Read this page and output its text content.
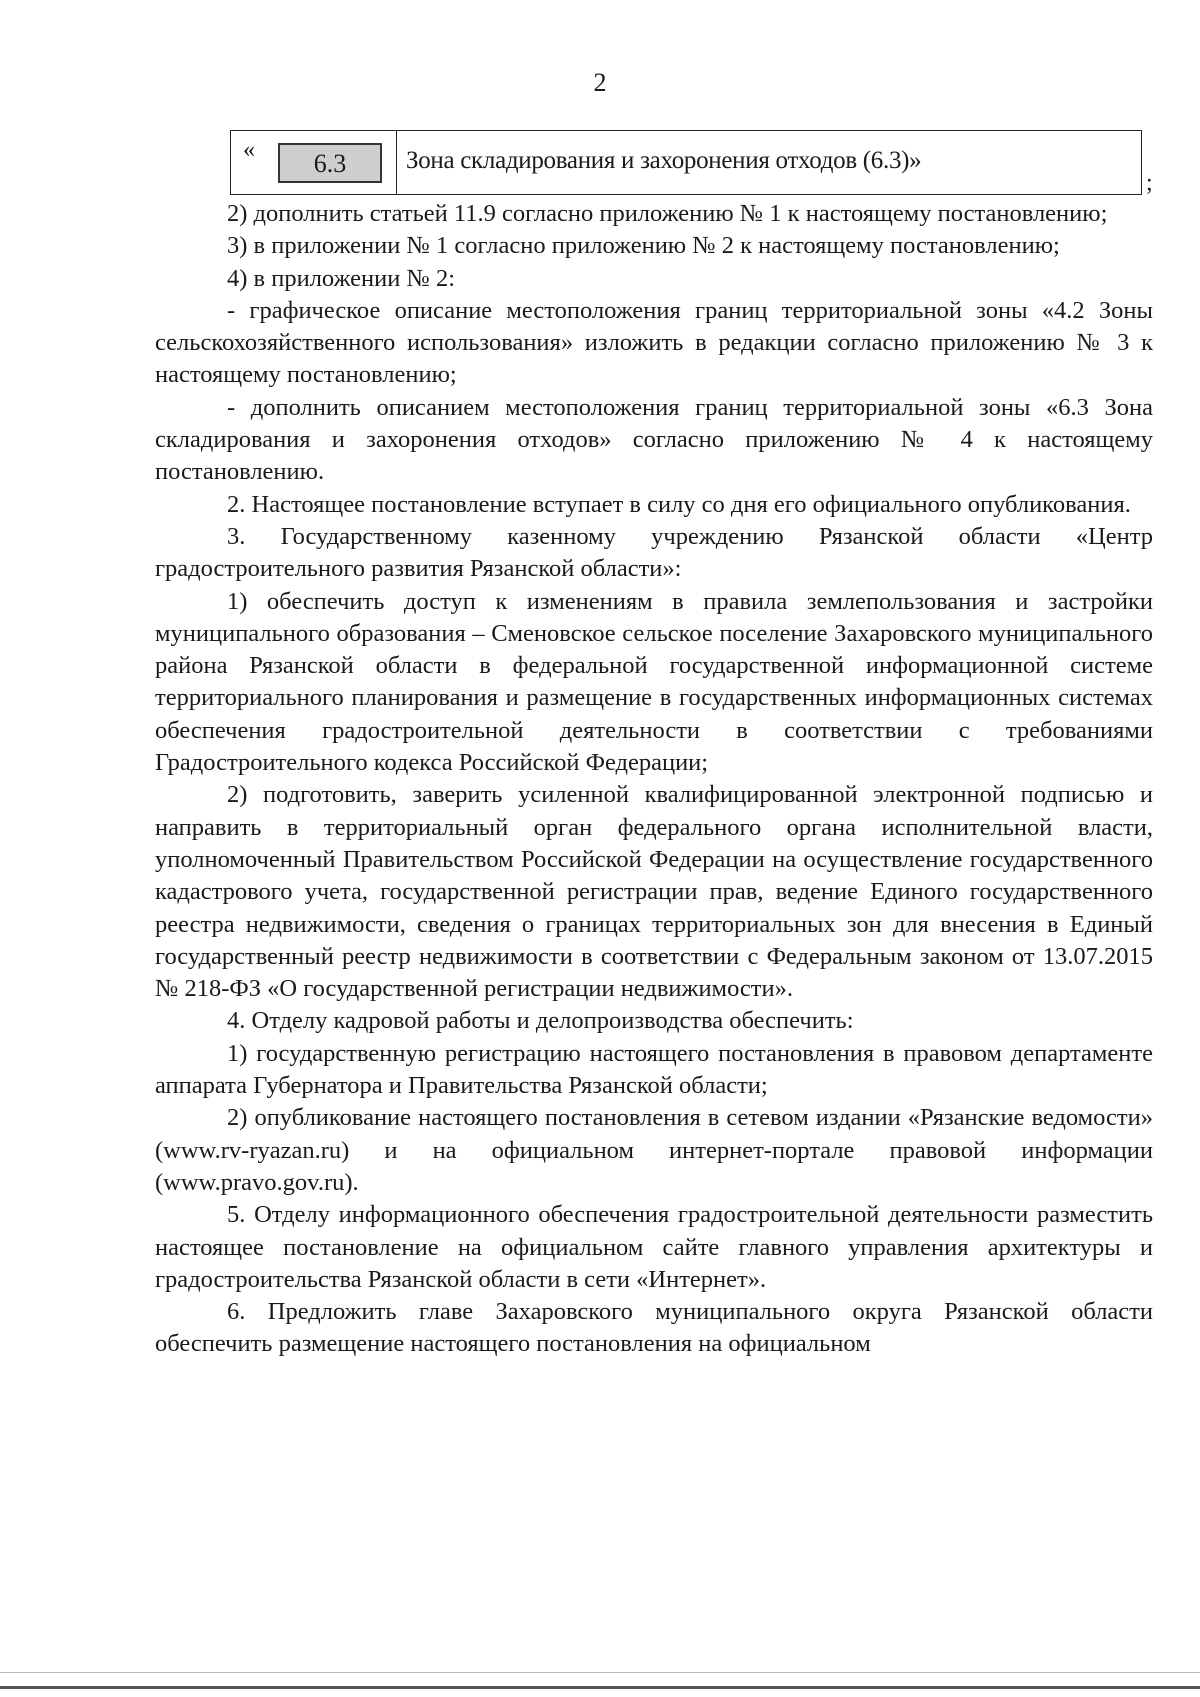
2
«	6.3	Зона складирования и захоронения отходов (6.3)»
;

2) дополнить статьей 11.9 согласно приложению № 1 к настоящему постановлению;

3) в приложении № 1 согласно приложению № 2 к настоящему постановлению;

4) в приложении № 2:

- графическое описание местоположения границ территориальной зоны «4.2 Зоны сельскохозяйственного использования» изложить в редакции согласно приложению № 3 к настоящему постановлению;

- дополнить описанием местоположения границ территориальной зоны «6.3 Зона складирования и захоронения отходов» согласно приложению № 4 к настоящему постановлению.

2. Настоящее постановление вступает в силу со дня его официального опубликования.

3. Государственному казенному учреждению Рязанской области «Центр градостроительного развития Рязанской области»:

1) обеспечить доступ к изменениям в правила землепользования и застройки муниципального образования – Сменовское сельское поселение Захаровского муниципального района Рязанской области в федеральной государственной информационной системе территориального планирования и размещение в государственных информационных системах обеспечения градостроительной деятельности в соответствии с требованиями Градостроительного кодекса Российской Федерации;

2) подготовить, заверить усиленной квалифицированной электронной подписью и направить в территориальный орган федерального органа исполнительной власти, уполномоченный Правительством Российской Федерации на осуществление государственного кадастрового учета, государственной регистрации прав, ведение Единого государственного реестра недвижимости, сведения о границах территориальных зон для внесения в Единый государственный реестр недвижимости в соответствии с Федеральным законом от 13.07.2015 № 218-ФЗ «О государственной регистрации недвижимости».

4. Отделу кадровой работы и делопроизводства обеспечить:

1) государственную регистрацию настоящего постановления в правовом департаменте аппарата Губернатора и Правительства Рязанской области;

2) опубликование настоящего постановления в сетевом издании «Рязанские ведомости» (www.rv-ryazan.ru) и на официальном интернет-портале правовой информации (www.pravo.gov.ru).

5. Отделу информационного обеспечения градостроительной деятельности разместить настоящее постановление на официальном сайте главного управления архитектуры и градостроительства Рязанской области в сети «Интернет».

6. Предложить главе Захаровского муниципального округа Рязанской области обеспечить размещение настоящего постановления на официальном
